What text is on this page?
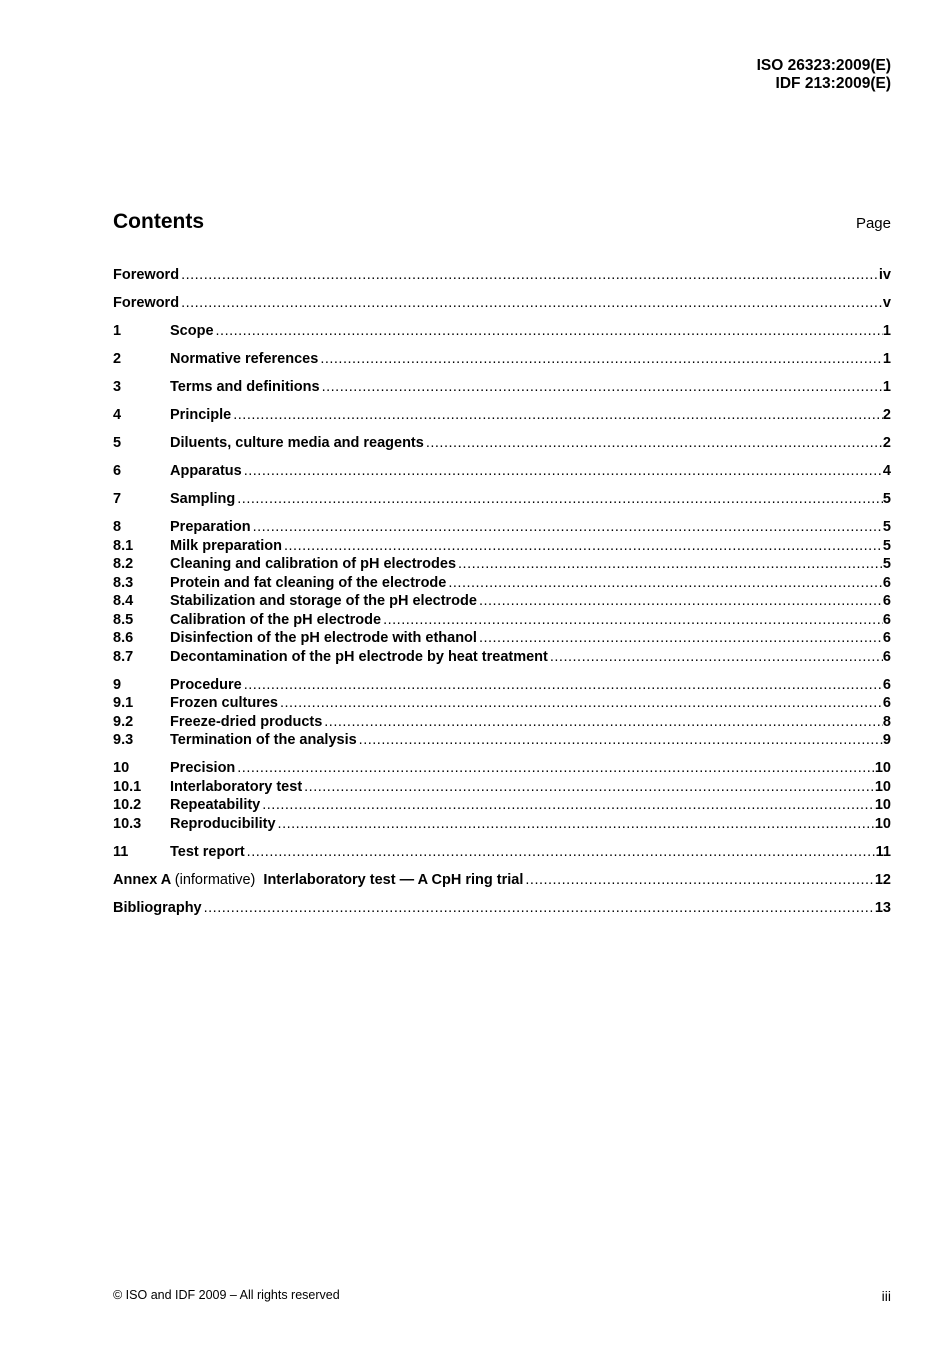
ISO 26323:2009(E)
IDF 213:2009(E)
Contents	Page
Foreword .....	iv
Foreword .....	v
1	Scope .....	1
2	Normative references .....	1
3	Terms and definitions .....	1
4	Principle .....	2
5	Diluents, culture media and reagents .....	2
6	Apparatus .....	4
7	Sampling .....	5
8	Preparation .....	5
8.1	Milk preparation .....	5
8.2	Cleaning and calibration of pH electrodes .....	5
8.3	Protein and fat cleaning of the electrode .....	6
8.4	Stabilization and storage of the pH electrode .....	6
8.5	Calibration of the pH electrode .....	6
8.6	Disinfection of the pH electrode with ethanol .....	6
8.7	Decontamination of the pH electrode by heat treatment .....	6
9	Procedure .....	6
9.1	Frozen cultures .....	6
9.2	Freeze-dried products .....	8
9.3	Termination of the analysis .....	9
10	Precision .....	10
10.1	Interlaboratory test .....	10
10.2	Repeatability .....	10
10.3	Reproducibility .....	10
11	Test report .....	11
Annex A (informative) Interlaboratory test — A CpH ring trial .....	12
Bibliography .....	13
© ISO and IDF 2009 – All rights reserved	iii
